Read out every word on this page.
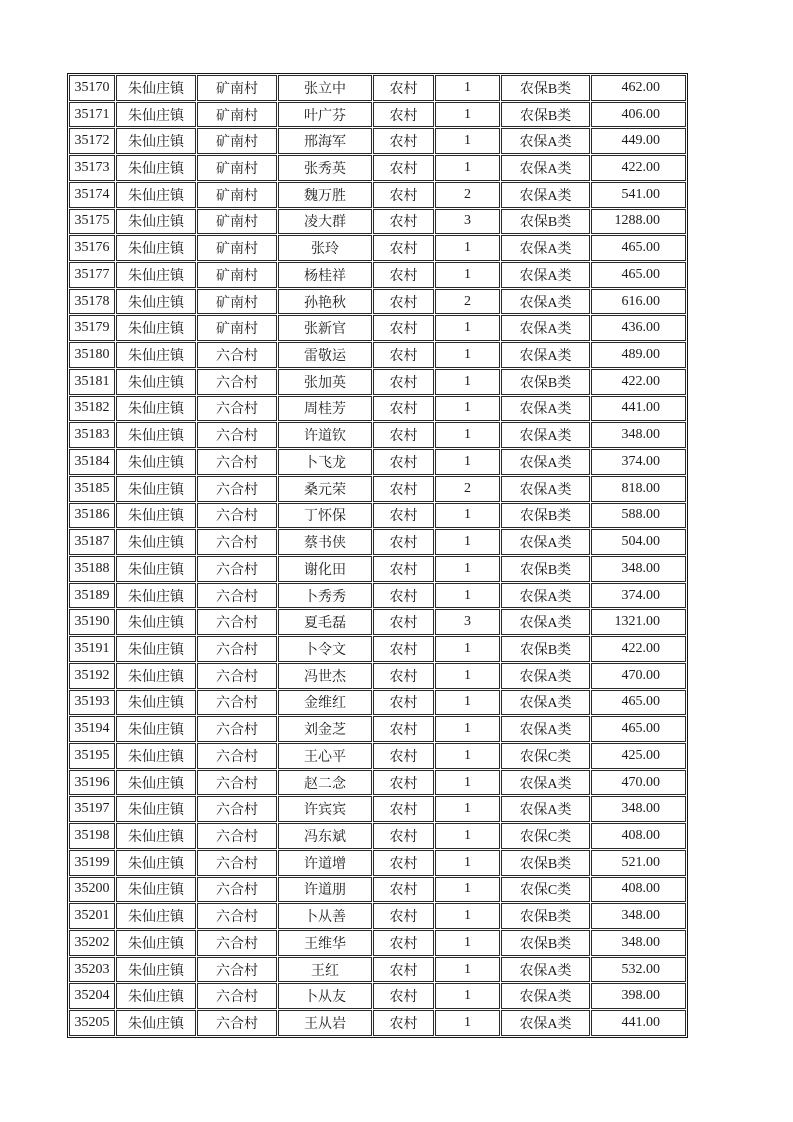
35170	朱仙庄镇	矿南村	张立中	农村	1	农保B类	462.00
35171	朱仙庄镇	矿南村	叶广芬	农村	1	农保B类	406.00
35172	朱仙庄镇	矿南村	邢海军	农村	1	农保A类	449.00
35173	朱仙庄镇	矿南村	张秀英	农村	1	农保A类	422.00
35174	朱仙庄镇	矿南村	魏万胜	农村	2	农保A类	541.00
35175	朱仙庄镇	矿南村	凌大群	农村	3	农保B类	1288.00
35176	朱仙庄镇	矿南村	张玲	农村	1	农保A类	465.00
35177	朱仙庄镇	矿南村	杨桂祥	农村	1	农保A类	465.00
35178	朱仙庄镇	矿南村	孙艳秋	农村	2	农保A类	616.00
35179	朱仙庄镇	矿南村	张新官	农村	1	农保A类	436.00
35180	朱仙庄镇	六合村	雷敬运	农村	1	农保A类	489.00
35181	朱仙庄镇	六合村	张加英	农村	1	农保B类	422.00
35182	朱仙庄镇	六合村	周桂芳	农村	1	农保A类	441.00
35183	朱仙庄镇	六合村	许道钦	农村	1	农保A类	348.00
35184	朱仙庄镇	六合村	卜飞龙	农村	1	农保A类	374.00
35185	朱仙庄镇	六合村	桑元荣	农村	2	农保A类	818.00
35186	朱仙庄镇	六合村	丁怀保	农村	1	农保B类	588.00
35187	朱仙庄镇	六合村	蔡书侠	农村	1	农保A类	504.00
35188	朱仙庄镇	六合村	谢化田	农村	1	农保B类	348.00
35189	朱仙庄镇	六合村	卜秀秀	农村	1	农保A类	374.00
35190	朱仙庄镇	六合村	夏毛磊	农村	3	农保A类	1321.00
35191	朱仙庄镇	六合村	卜令文	农村	1	农保B类	422.00
35192	朱仙庄镇	六合村	冯世杰	农村	1	农保A类	470.00
35193	朱仙庄镇	六合村	金维红	农村	1	农保A类	465.00
35194	朱仙庄镇	六合村	刘金芝	农村	1	农保A类	465.00
35195	朱仙庄镇	六合村	王心平	农村	1	农保C类	425.00
35196	朱仙庄镇	六合村	赵二念	农村	1	农保A类	470.00
35197	朱仙庄镇	六合村	许宾宾	农村	1	农保A类	348.00
35198	朱仙庄镇	六合村	冯东斌	农村	1	农保C类	408.00
35199	朱仙庄镇	六合村	许道增	农村	1	农保B类	521.00
35200	朱仙庄镇	六合村	许道朋	农村	1	农保C类	408.00
35201	朱仙庄镇	六合村	卜从善	农村	1	农保B类	348.00
35202	朱仙庄镇	六合村	王维华	农村	1	农保B类	348.00
35203	朱仙庄镇	六合村	王红	农村	1	农保A类	532.00
35204	朱仙庄镇	六合村	卜从友	农村	1	农保A类	398.00
35205	朱仙庄镇	六合村	王从岩	农村	1	农保A类	441.00
